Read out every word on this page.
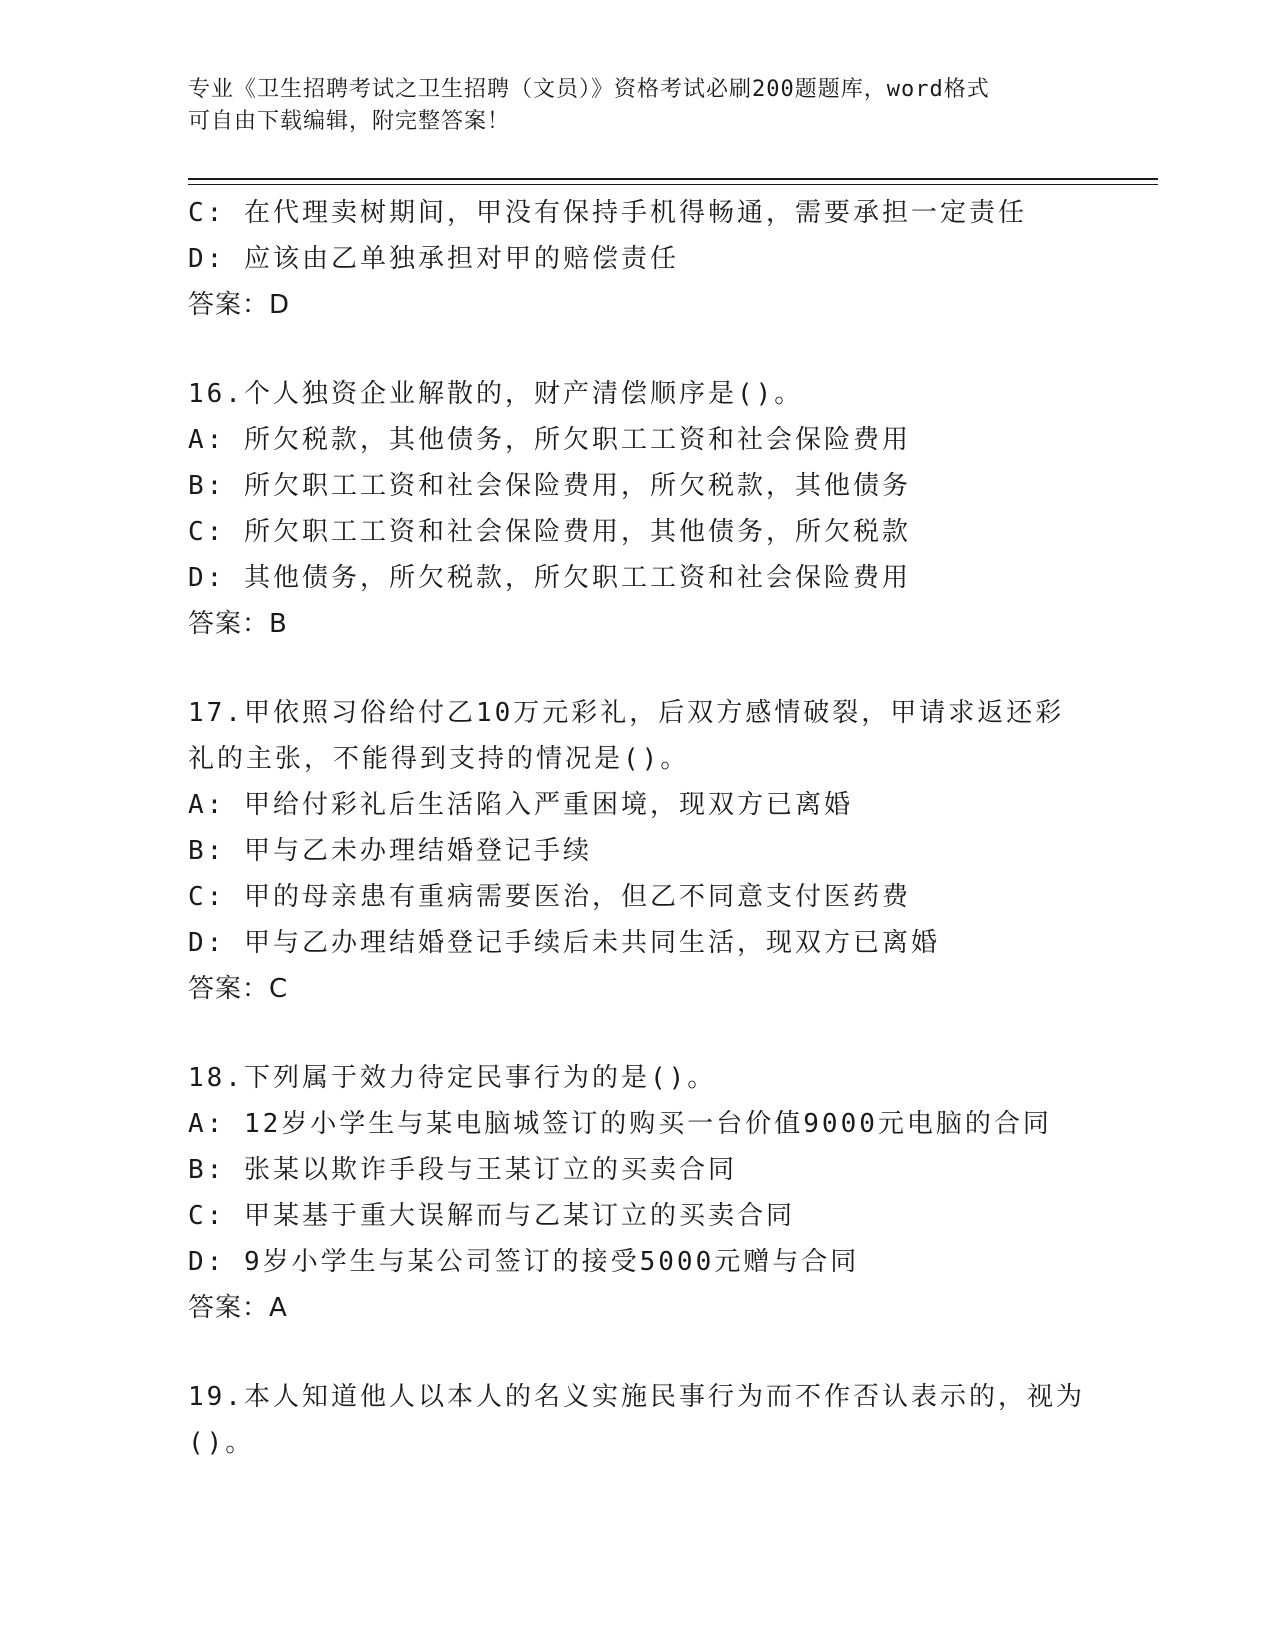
专业《卫生招聘考试之卫生招聘（文员）》资格考试必刷200题题库，word格式
可自由下载编辑，附完整答案！
C: 在代理卖树期间，甲没有保持手机得畅通，需要承担一定责任
D: 应该由乙单独承担对甲的赔偿责任
答案：D
16.个人独资企业解散的，财产清偿顺序是()。
A: 所欠税款，其他债务，所欠职工工资和社会保险费用
B: 所欠职工工资和社会保险费用，所欠税款，其他债务
C: 所欠职工工资和社会保险费用，其他债务，所欠税款
D: 其他债务，所欠税款，所欠职工工资和社会保险费用
答案：B
17.甲依照习俗给付乙10万元彩礼，后双方感情破裂，甲请求返还彩
礼的主张，不能得到支持的情况是()。
A: 甲给付彩礼后生活陷入严重困境，现双方已离婚
B: 甲与乙未办理结婚登记手续
C: 甲的母亲患有重病需要医治，但乙不同意支付医药费
D: 甲与乙办理结婚登记手续后未共同生活，现双方已离婚
答案：C
18.下列属于效力待定民事行为的是()。
A: 12岁小学生与某电脑城签订的购买一台价值9000元电脑的合同
B: 张某以欺诈手段与王某订立的买卖合同
C: 甲某基于重大误解而与乙某订立的买卖合同
D: 9岁小学生与某公司签订的接受5000元赠与合同
答案：A
19.本人知道他人以本人的名义实施民事行为而不作否认表示的，视为
()。
